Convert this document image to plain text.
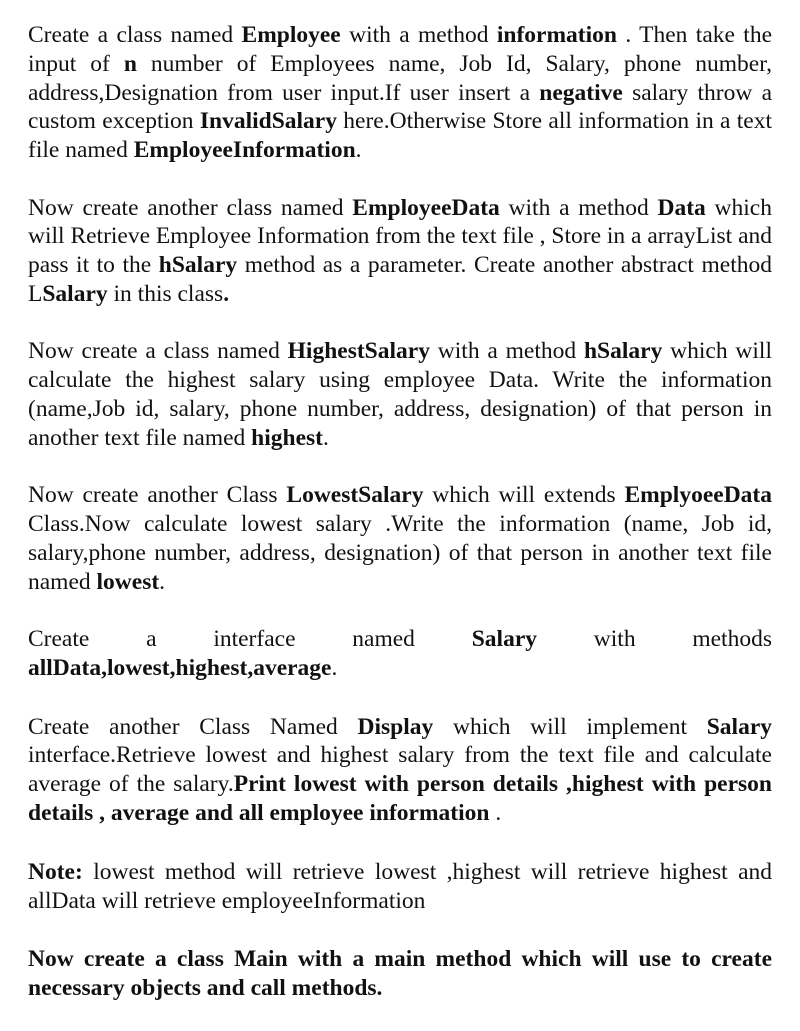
Create a class named Employee with a method information . Then take the input of n number of Employees name, Job Id, Salary, phone number, address,Designation from user input.If user insert a negative salary throw a custom exception InvalidSalary here.Otherwise Store all information in a text file named EmployeeInformation.

Now create another class named EmployeeData with a method Data which will Retrieve Employee Information from the text file , Store in a arrayList and pass it to the hSalary method as a parameter. Create another abstract method LSalary in this class.

Now create a class named HighestSalary with a method hSalary which will calculate the highest salary using employee Data. Write the information (name,Job id, salary, phone number, address, designation) of that person in another text file named highest.

Now create another Class LowestSalary which will extends EmplyoeeData Class.Now calculate lowest salary .Write the information (name, Job id, salary,phone number, address, designation) of that person in another text file named lowest.

Create a interface named Salary with methods
allData,lowest,highest,average.

Create another Class Named Display which will implement Salary interface.Retrieve lowest and highest salary from the text file and calculate average of the salary.Print lowest with person details ,highest with person details , average and all employee information .

Note: lowest method will retrieve lowest ,highest will retrieve highest and allData will retrieve employeeInformation

Now create a class Main with a main method which will use to create necessary objects and call methods.
